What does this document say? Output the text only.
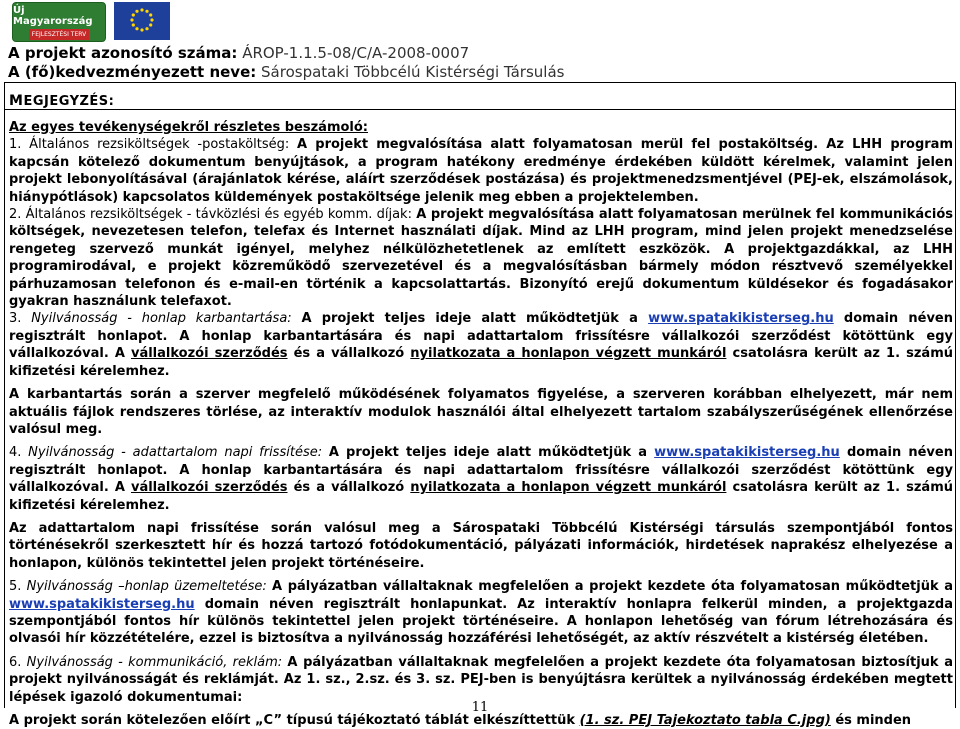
Új Magyarország
FEJLESZTÉSI TERV
A projekt azonosító száma: ÁROP-1.1.5-08/C/A-2008-0007
A (fő)kedvezményezett neve: Sárospataki Többcélú Kistérségi Társulás
MEGJEGYZÉS:

Az egyes tevékenységekről részletes beszámoló:

1. Általános rezsiköltségek -postaköltség: A projekt megvalósítása alatt folyamatosan merül fel postaköltség. Az LHH program kapcsán kötelező dokumentum benyújtások, a program hatékony eredménye érdekében küldött kérelmek, valamint jelen projekt lebonyolításával (árajánlatok kérése, aláírt szerződések postázása) és projektmenedzsmentjével (PEJ-ek, elszámolások, hiánypótlások) kapcsolatos küldemények postaköltsége jelenik meg ebben a projektelemben.

2. Általános rezsiköltségek - távközlési és egyéb komm. díjak: A projekt megvalósítása alatt folyamatosan merülnek fel kommunikációs költségek, nevezetesen telefon, telefax és Internet használati díjak. Mind az LHH program, mind jelen projekt menedzselése rengeteg szervező munkát igényel, melyhez nélkülözhetetlenek az említett eszközök. A projektgazdákkal, az LHH programirodával, e projekt közreműködő szervezetével és a megvalósításban bármely módon résztvevő személyekkel párhuzamosan telefonon és e-mail-en történik a kapcsolattartás. Bizonyító erejű dokumentum küldésekor és fogadásakor gyakran használunk telefaxot.

3. Nyilvánosság - honlap karbantartása: A projekt teljes ideje alatt működtetjük a www.spatakikisterseg.hu domain néven regisztrált honlapot. A honlap karbantartására és napi adattartalom frissítésre vállalkozói szerződést kötöttünk egy vállalkozóval. A vállalkozói szerződés és a vállalkozó nyilatkozata a honlapon végzett munkáról csatolásra került az 1. számú kifizetési kérelemhez.

A karbantartás során a szerver megfelelő működésének folyamatos figyelése, a szerveren korábban elhelyezett, már nem aktuális fájlok rendszeres törlése, az interaktív modulok használói által elhelyezett tartalom szabályszerűségének ellenőrzése valósul meg.

4. Nyilvánosság - adattartalom napi frissítése: A projekt teljes ideje alatt működtetjük a www.spatakikisterseg.hu domain néven regisztrált honlapot. A honlap karbantartására és napi adattartalom frissítésre vállalkozói szerződést kötöttünk egy vállalkozóval. A vállalkozói szerződés és a vállalkozó nyilatkozata a honlapon végzett munkáról csatolásra került az 1. számú kifizetési kérelemhez.

Az adattartalom napi frissítése során valósul meg a Sárospataki Többcélú Kistérségi társulás szempontjából fontos történésekről szerkesztett hír és hozzá tartozó fotódokumentáció, pályázati információk, hirdetések naprakész elhelyezése a honlapon, különös tekintettel jelen projekt történéseire.

5. Nyilvánosság –honlap üzemeltetése: A pályázatban vállaltaknak megfelelően a projekt kezdete óta folyamatosan működtetjük a www.spatakikisterseg.hu domain néven regisztrált honlapunkat. Az interaktív honlapra felkerül minden, a projektgazda szempontjából fontos hír különös tekintettel jelen projekt történéseire. A honlapon lehetőség van fórum létrehozására és olvasói hír közzétételére, ezzel is biztosítva a nyilvánosság hozzáférési lehetőségét, az aktív részvételt a kistérség életében.

6. Nyilvánosság - kommunikáció, reklám: A pályázatban vállaltaknak megfelelően a projekt kezdete óta folyamatosan biztosítjuk a projekt nyilvánosságát és reklámját. Az 1. sz., 2.sz. és 3. sz. PEJ-ben is benyújtásra kerültek a nyilvánosság érdekében megtett lépések igazoló dokumentumai:

A projekt során kötelezően előírt „C” típusú tájékoztató táblát elkészíttettük (1. sz. PEJ Tajekoztato tabla C.jpg) és minden

11
